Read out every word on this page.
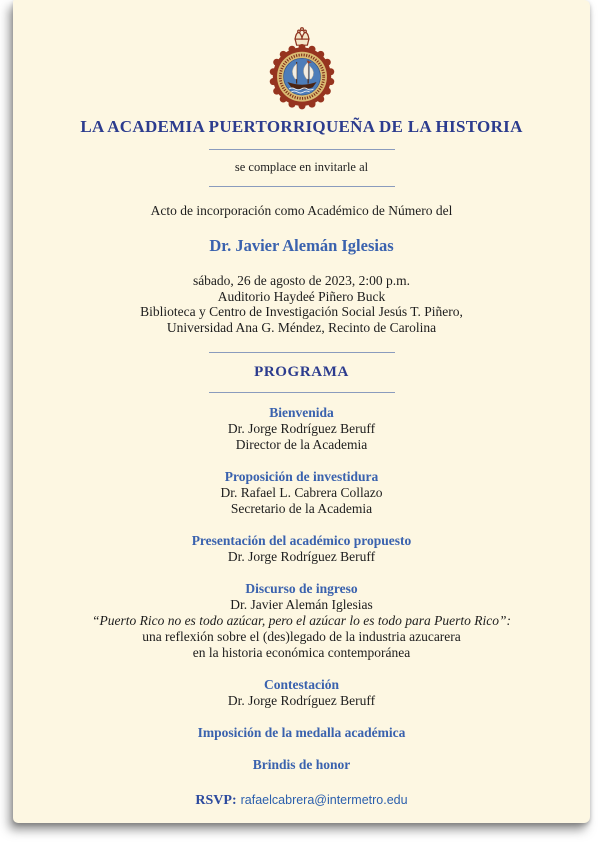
LA ACADEMIA PUERTORRIQUEÑA DE LA HISTORIA
se complace en invitarle al
Acto de incorporación como Académico de Número del
Dr. Javier Alemán Iglesias
sábado, 26 de agosto de 2023, 2:00 p.m.
Auditorio Haydeé Piñero Buck
Biblioteca y Centro de Investigación Social Jesús T. Piñero,
Universidad Ana G. Méndez, Recinto de Carolina
PROGRAMA
Bienvenida
Dr. Jorge Rodríguez Beruff
Director de la Academia
Proposición de investidura
Dr. Rafael L. Cabrera Collazo
Secretario de la Academia
Presentación del académico propuesto
Dr. Jorge Rodríguez Beruff
Discurso de ingreso
Dr. Javier Alemán Iglesias
“Puerto Rico no es todo azúcar, pero el azúcar lo es todo para Puerto Rico”:
una reflexión sobre el (des)legado de la industria azucarera
en la historia económica contemporánea
Contestación
Dr. Jorge Rodríguez Beruff
Imposición de la medalla académica
Brindis de honor
RSVP: rafaelcabrera@intermetro.edu
